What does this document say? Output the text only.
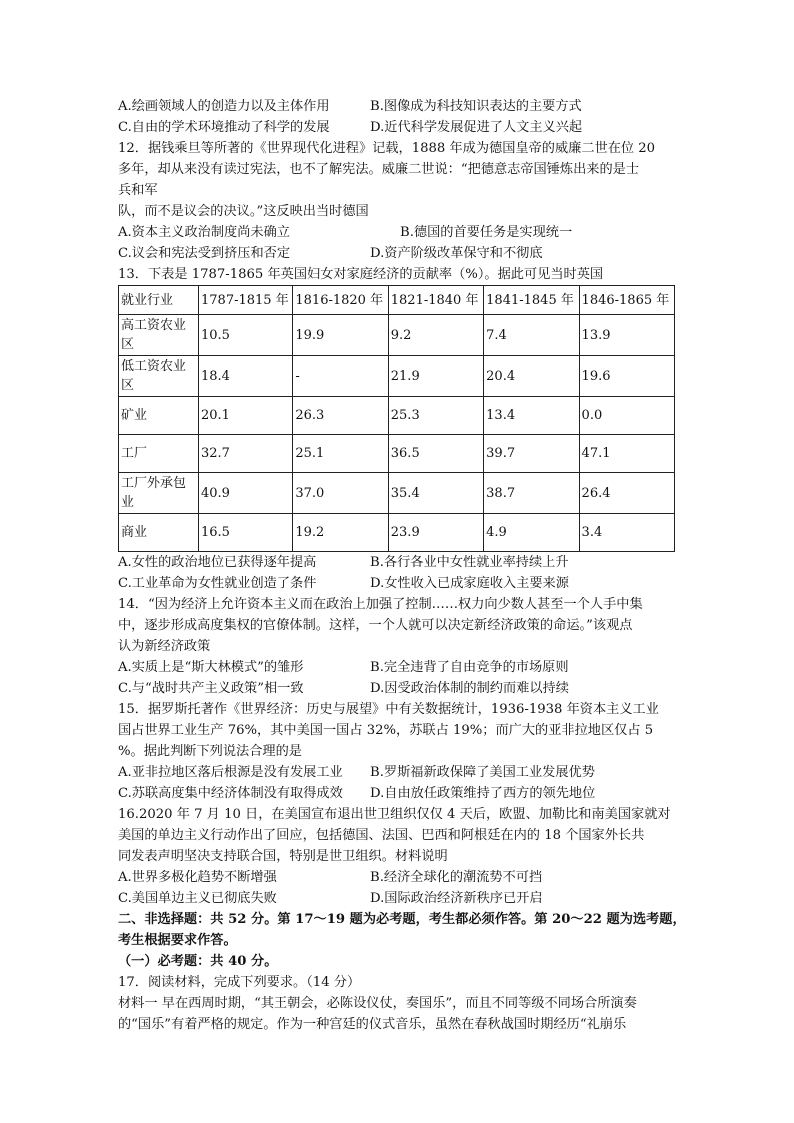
A.绘画领域人的创造力以及主体作用	B.图像成为科技知识表达的主要方式
C.自由的学术环境推动了科学的发展	D.近代科学发展促进了人文主义兴起
12．据钱乘旦等所著的《世界现代化进程》记载，1888 年成为德国皇帝的威廉二世在位 20
多年，却从来没有读过宪法，也不了解宪法。威廉二世说：“把德意志帝国锤炼出来的是士
兵和军
队，而不是议会的决议。”这反映出当时德国
A.资本主义政治制度尚未确立	B.德国的首要任务是实现统一
C.议会和宪法受到挤压和否定	D.资产阶级改革保守和不彻底
13．下表是 1787-1865 年英国妇女对家庭经济的贡献率（%）。据此可见当时英国
就业行业	1787-1815 年	1816-1820 年	1821-1840 年	1841-1845 年	1846-1865 年
高工资农业区	10.5	19.9	9.2	7.4	13.9
低工资农业区	18.4	-	21.9	20.4	19.6
矿业	20.1	26.3	25.3	13.4	0.0
工厂	32.7	25.1	36.5	39.7	47.1
工厂外承包业	40.9	37.0	35.4	38.7	26.4
商业	16.5	19.2	23.9	4.9	3.4
A.女性的政治地位已获得逐年提高	B.各行各业中女性就业率持续上升
C.工业革命为女性就业创造了条件	D.女性收入已成家庭收入主要来源
14．“因为经济上允许资本主义而在政治上加强了控制……权力向少数人甚至一个人手中集
中，逐步形成高度集权的官僚体制。这样，一个人就可以决定新经济政策的命运。”该观点
认为新经济政策
A.实质上是“斯大林模式”的雏形	B.完全违背了自由竞争的市场原则
C.与“战时共产主义政策”相一致	D.因受政治体制的制约而难以持续
15．据罗斯托著作《世界经济：历史与展望》中有关数据统计，1936-1938 年资本主义工业
国占世界工业生产 76%，其中美国一国占 32%，苏联占 19%；而广大的亚非拉地区仅占 5
%。据此判断下列说法合理的是
A.亚非拉地区落后根源是没有发展工业	B.罗斯福新政保障了美国工业发展优势
C.苏联高度集中经济体制没有取得成效	D.自由放任政策维持了西方的领先地位
16.2020 年 7 月 10 日，在美国宣布退出世卫组织仅仅 4 天后，欧盟、加勒比和南美国家就对
美国的单边主义行动作出了回应，包括德国、法国、巴西和阿根廷在内的 18 个国家外长共
同发表声明坚决支持联合国，特别是世卫组织。材料说明
A.世界多极化趋势不断增强	B.经济全球化的潮流势不可挡
C.美国单边主义已彻底失败	D.国际政治经济新秩序已开启
二、非选择题：共 52 分。第 17～19 题为必考题，考生都必须作答。第 20～22 题为选考题，
考生根据要求作答。
（一）必考题：共 40 分。
17．阅读材料，完成下列要求。（14 分）
材料一 早在西周时期，“其王朝会，必陈设仪仗，奏国乐”，而且不同等级不同场合所演奏
的“国乐”有着严格的规定。作为一种宫廷的仪式音乐，虽然在春秋战国时期经历“礼崩乐
